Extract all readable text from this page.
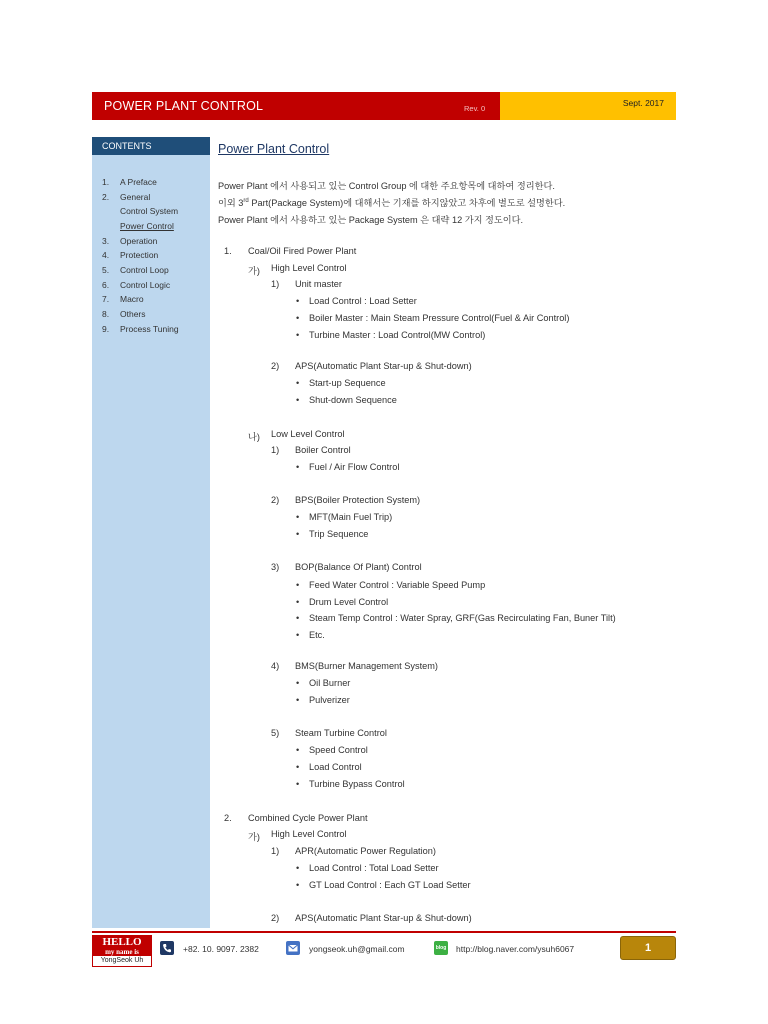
POWER PLANT CONTROL	Rev. 0
Sept. 2017
CONTENTS
1. A Preface
2. General
Control System
Power Control
3. Operation
4. Protection
5. Control Loop
6. Control Logic
7. Macro
8. Others
9. Process Tuning
Power Plant Control
Power Plant 에서 사용되고 있는 Control Group 에 대한 주요항목에 대하여 정리한다.
이외 3rd Part(Package System)에 대해서는 기재를 하지않았고 차후에 별도로 설명한다.
Power Plant 에서 사용하고 있는 Package System 은 대략 12 가지 정도이다.
1. Coal/Oil Fired Power Plant
가) High Level Control
1) Unit master
• Load Control : Load Setter
• Boiler Master : Main Steam Pressure Control(Fuel & Air Control)
• Turbine Master : Load Control(MW Control)
2) APS(Automatic Plant Star-up & Shut-down)
• Start-up Sequence
• Shut-down Sequence
나) Low Level Control
1) Boiler Control
• Fuel / Air Flow Control
2) BPS(Boiler Protection System)
• MFT(Main Fuel Trip)
• Trip Sequence
3) BOP(Balance Of Plant) Control
• Feed Water Control : Variable Speed Pump
• Drum Level Control
• Steam Temp Control : Water Spray, GRF(Gas Recirculating Fan, Buner Tilt)
• Etc.
4) BMS(Burner Management System)
• Oil Burner
• Pulverizer
5) Steam Turbine Control
• Speed Control
• Load Control
• Turbine Bypass Control
2. Combined Cycle Power Plant
가) High Level Control
1) APR(Automatic Power Regulation)
• Load Control : Total Load Setter
• GT Load Control : Each GT Load Setter
2) APS(Automatic Plant Star-up & Shut-down)
HELLO
my name is
YongSeok Uh
+82. 10. 9097. 2382	yongseok.uh@gmail.com	blog http://blog.naver.com/ysuh6067	1
